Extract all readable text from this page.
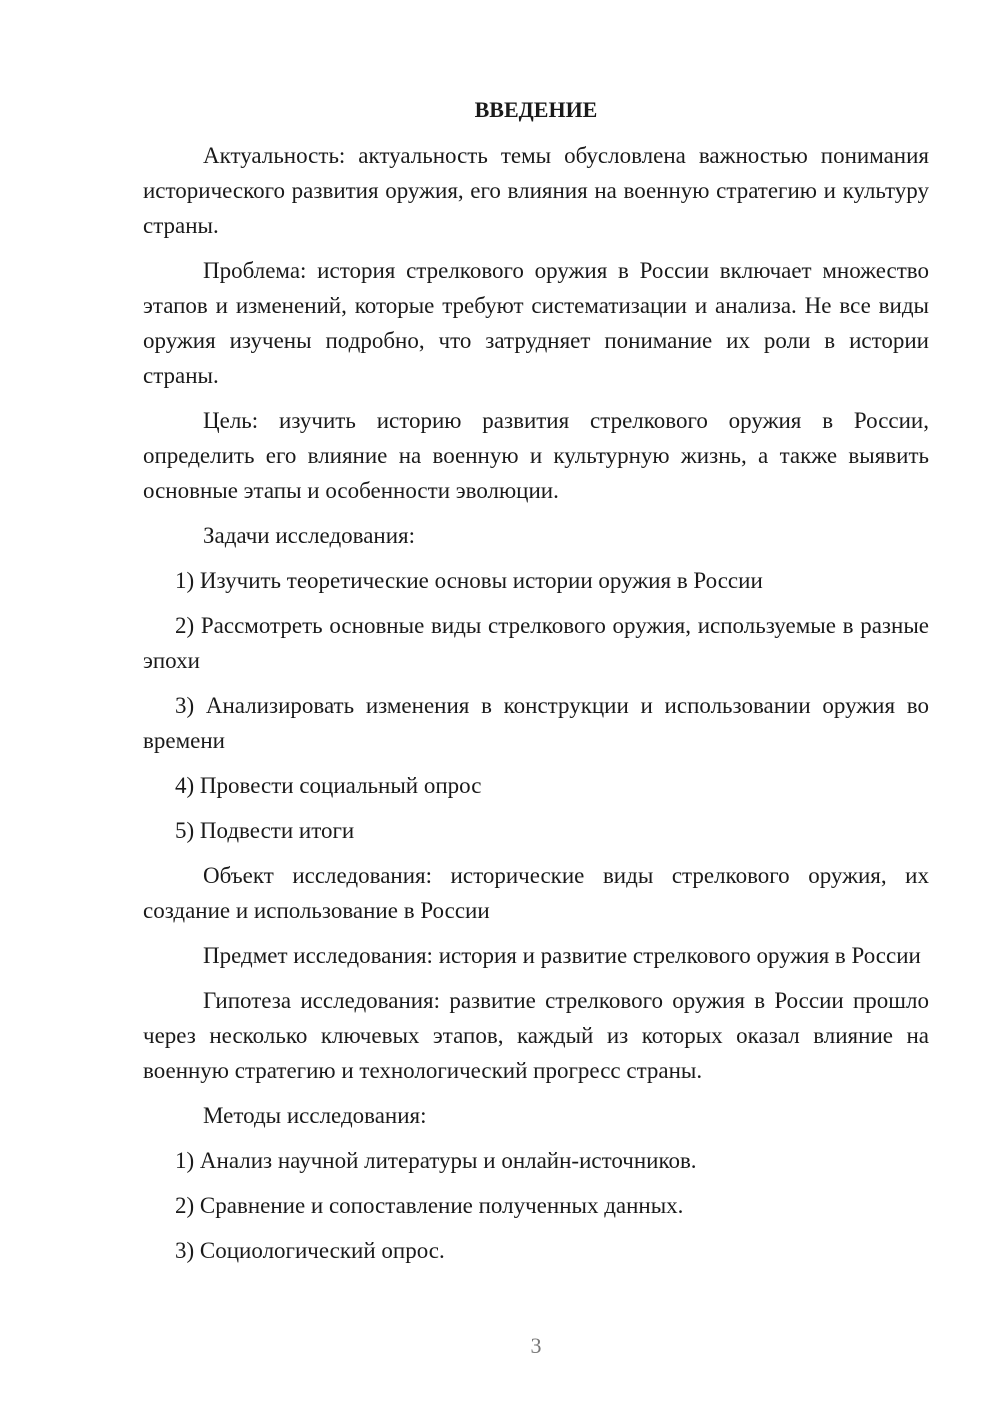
ВВЕДЕНИЕ

Актуальность: актуальность темы обусловлена важностью понимания исторического развития оружия, его влияния на военную стратегию и культуру страны.

Проблема: история стрелкового оружия в России включает множество этапов и изменений, которые требуют систематизации и анализа. Не все виды оружия изучены подробно, что затрудняет понимание их роли в истории страны.

Цель: изучить историю развития стрелкового оружия в России, определить его влияние на военную и культурную жизнь, а также выявить основные этапы и особенности эволюции.

Задачи исследования:

1) Изучить теоретические основы истории оружия в России

2) Рассмотреть основные виды стрелкового оружия, используемые в разные эпохи

3) Анализировать изменения в конструкции и использовании оружия во времени

4) Провести социальный опрос

5) Подвести итоги

Объект исследования: исторические виды стрелкового оружия, их создание и использование в России

Предмет исследования: история и развитие стрелкового оружия в России

Гипотеза исследования: развитие стрелкового оружия в России прошло через несколько ключевых этапов, каждый из которых оказал влияние на военную стратегию и технологический прогресс страны.

Методы исследования:

1) Анализ научной литературы и онлайн-источников.

2) Сравнение и сопоставление полученных данных.

3) Социологический опрос.

3
